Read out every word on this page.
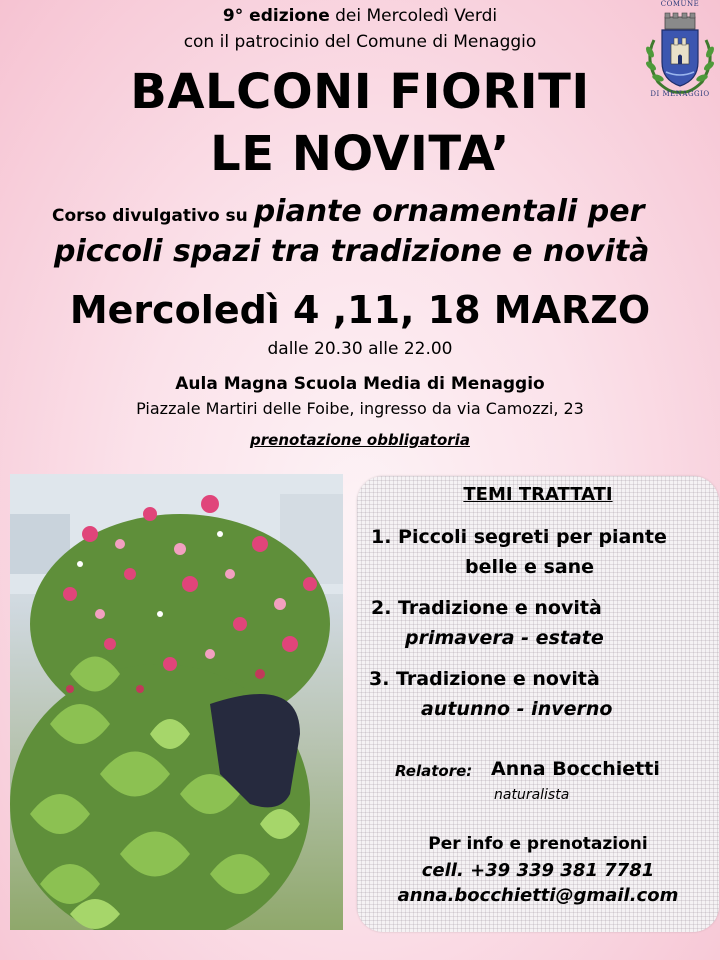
9° edizione dei Mercoledì Verdi
con il patrocinio del Comune di Menaggio
COMUNE
DI MENAGGIO
BALCONI FIORITI
LE NOVITA’
Corso divulgativo su piante ornamentali per
piccoli spazi tra tradizione e novità
Mercoledì 4 ,11, 18 MARZO
dalle 20.30 alle 22.00
Aula Magna Scuola Media di Menaggio
Piazzale Martiri delle Foibe, ingresso da via Camozzi, 23
prenotazione obbligatoria
TEMI TRATTATI
1. Piccoli segreti per piante
belle e sane
2. Tradizione e novità
primavera - estate
3. Tradizione e novità
autunno - inverno
Relatore: Anna Bocchietti
naturalista
Per info e prenotazioni
cell. +39 339 381 7781
anna.bocchietti@gmail.com
